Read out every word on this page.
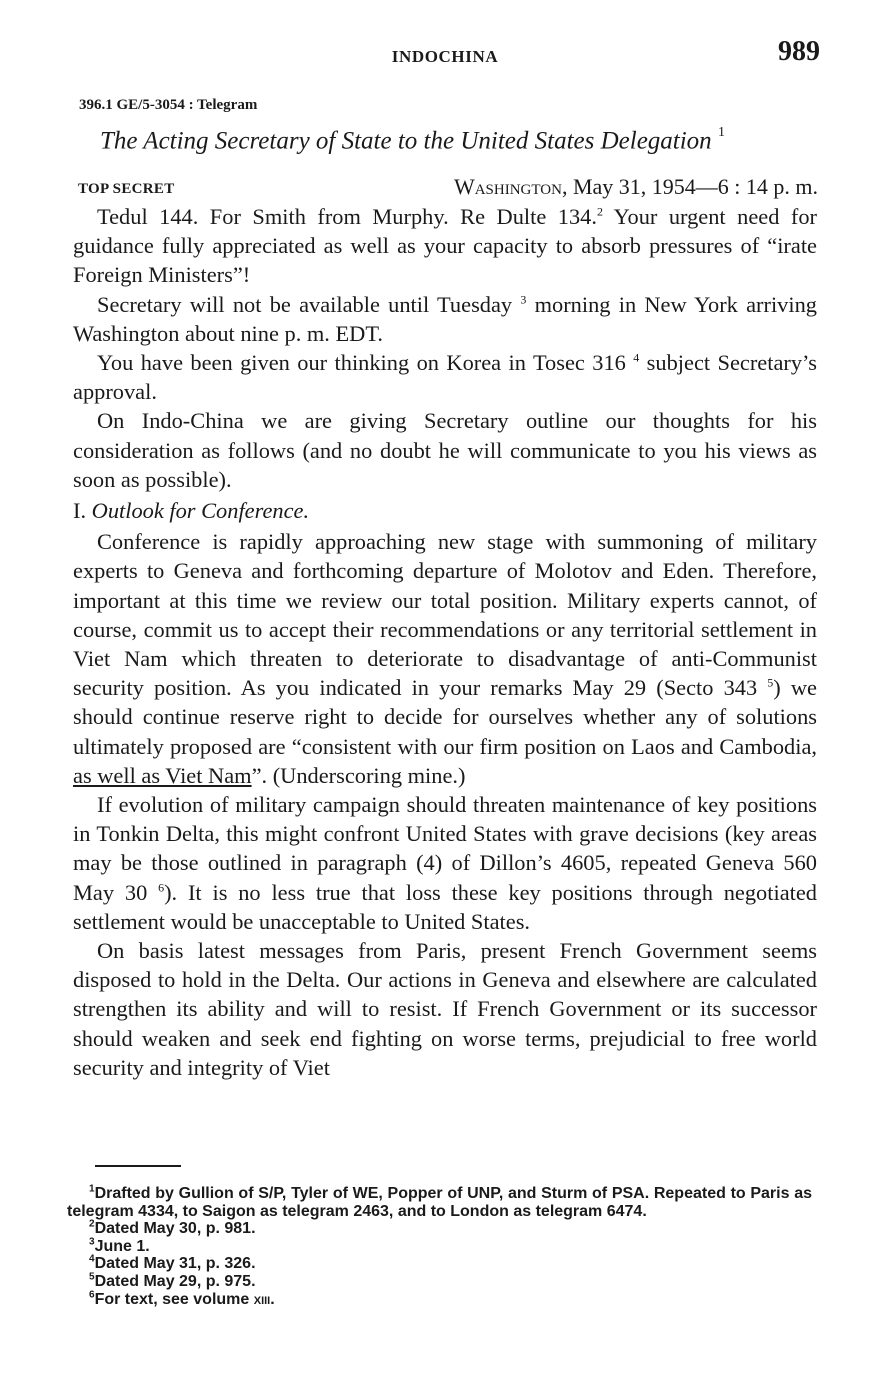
INDOCHINA	989
396.1 GE/5-3054 : Telegram
The Acting Secretary of State to the United States Delegation $^1$
TOP SECRET	Washington, May 31, 1954—6 : 14 p. m.

Tedul 144. For Smith from Murphy. Re Dulte 134.$^2$ Your urgent need for guidance fully appreciated as well as your capacity to absorb pressures of “irate Foreign Ministers”!

Secretary will not be available until Tuesday $^3$ morning in New York arriving Washington about nine p. m. EDT.

You have been given our thinking on Korea in Tosec 316 $^4$ subject Secretary’s approval.

On Indo-China we are giving Secretary outline our thoughts for his consideration as follows (and no doubt he will communicate to you his views as soon as possible).

I. Outlook for Conference.

Conference is rapidly approaching new stage with summoning of military experts to Geneva and forthcoming departure of Molotov and Eden. Therefore, important at this time we review our total position. Military experts cannot, of course, commit us to accept their recommendations or any territorial settlement in Viet Nam which threaten to deteriorate to disadvantage of anti-Communist security position. As you indicated in your remarks May 29 (Secto 343 $^5$) we should continue reserve right to decide for ourselves whether any of solutions ultimately proposed are “consistent with our firm position on Laos and Cambodia, as well as Viet Nam”. (Underscoring mine.)

If evolution of military campaign should threaten maintenance of key positions in Tonkin Delta, this might confront United States with grave decisions (key areas may be those outlined in paragraph (4) of Dillon’s 4605, repeated Geneva 560 May 30 $^6$). It is no less true that loss these key positions through negotiated settlement would be unacceptable to United States.

On basis latest messages from Paris, present French Government seems disposed to hold in the Delta. Our actions in Geneva and elsewhere are calculated strengthen its ability and will to resist. If French Government or its successor should weaken and seek end fighting on worse terms, prejudicial to free world security and integrity of Viet

$^1$Drafted by Gullion of S/P, Tyler of WE, Popper of UNP, and Sturm of PSA. Repeated to Paris as telegram 4334, to Saigon as telegram 2463, and to London as telegram 6474.

$^2$Dated May 30, p. 981.

$^3$June 1.

$^4$Dated May 31, p. 326.

$^5$Dated May 29, p. 975.

$^6$For text, see volume xiii.
